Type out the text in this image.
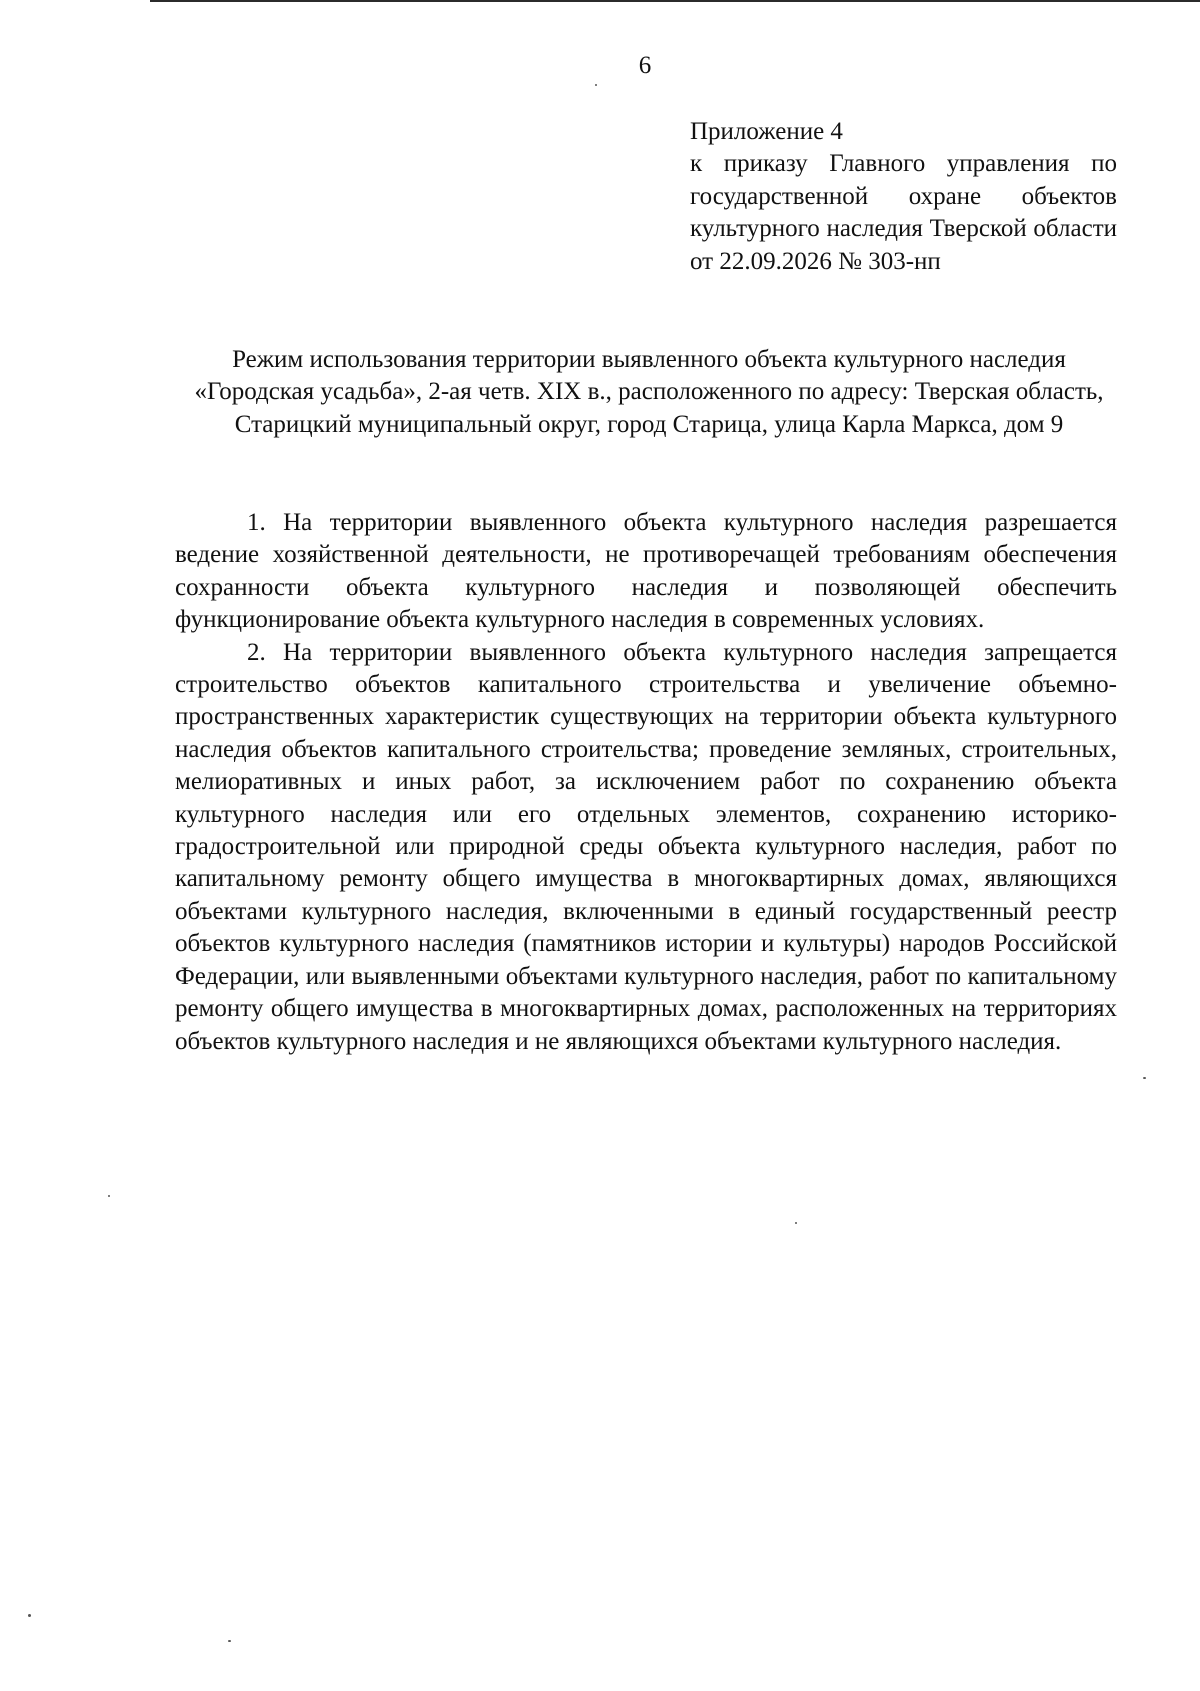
6
Приложение 4
к приказу Главного управления по государственной охране объектов культурного наследия Тверской области от 22.09.2026 № 303-нп
Режим использования территории выявленного объекта культурного наследия «Городская усадьба», 2-ая четв. XIX в., расположенного по адресу: Тверская область, Старицкий муниципальный округ, город Старица, улица Карла Маркса, дом 9

1. На территории выявленного объекта культурного наследия разрешается ведение хозяйственной деятельности, не противоречащей требованиям обеспечения сохранности объекта культурного наследия и позволяющей обеспечить функционирование объекта культурного наследия в современных условиях.

2. На территории выявленного объекта культурного наследия запрещается строительство объектов капитального строительства и увеличение объемно-пространственных характеристик существующих на территории объекта культурного наследия объектов капитального строительства; проведение земляных, строительных, мелиоративных и иных работ, за исключением работ по сохранению объекта культурного наследия или его отдельных элементов, сохранению историко-градостроительной или природной среды объекта культурного наследия, работ по капитальному ремонту общего имущества в многоквартирных домах, являющихся объектами культурного наследия, включенными в единый государственный реестр объектов культурного наследия (памятников истории и культуры) народов Российской Федерации, или выявленными объектами культурного наследия, работ по капитальному ремонту общего имущества в многоквартирных домах, расположенных на территориях объектов культурного наследия и не являющихся объектами культурного наследия.
